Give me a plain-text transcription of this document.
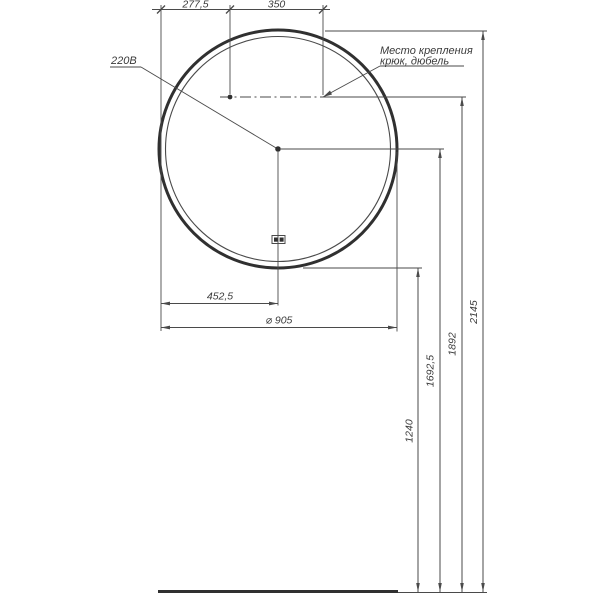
277,5	350
Место крепления
крюк, дюбель
220В
452,5
⌀ 905
1240
1692,5
1892
2145
